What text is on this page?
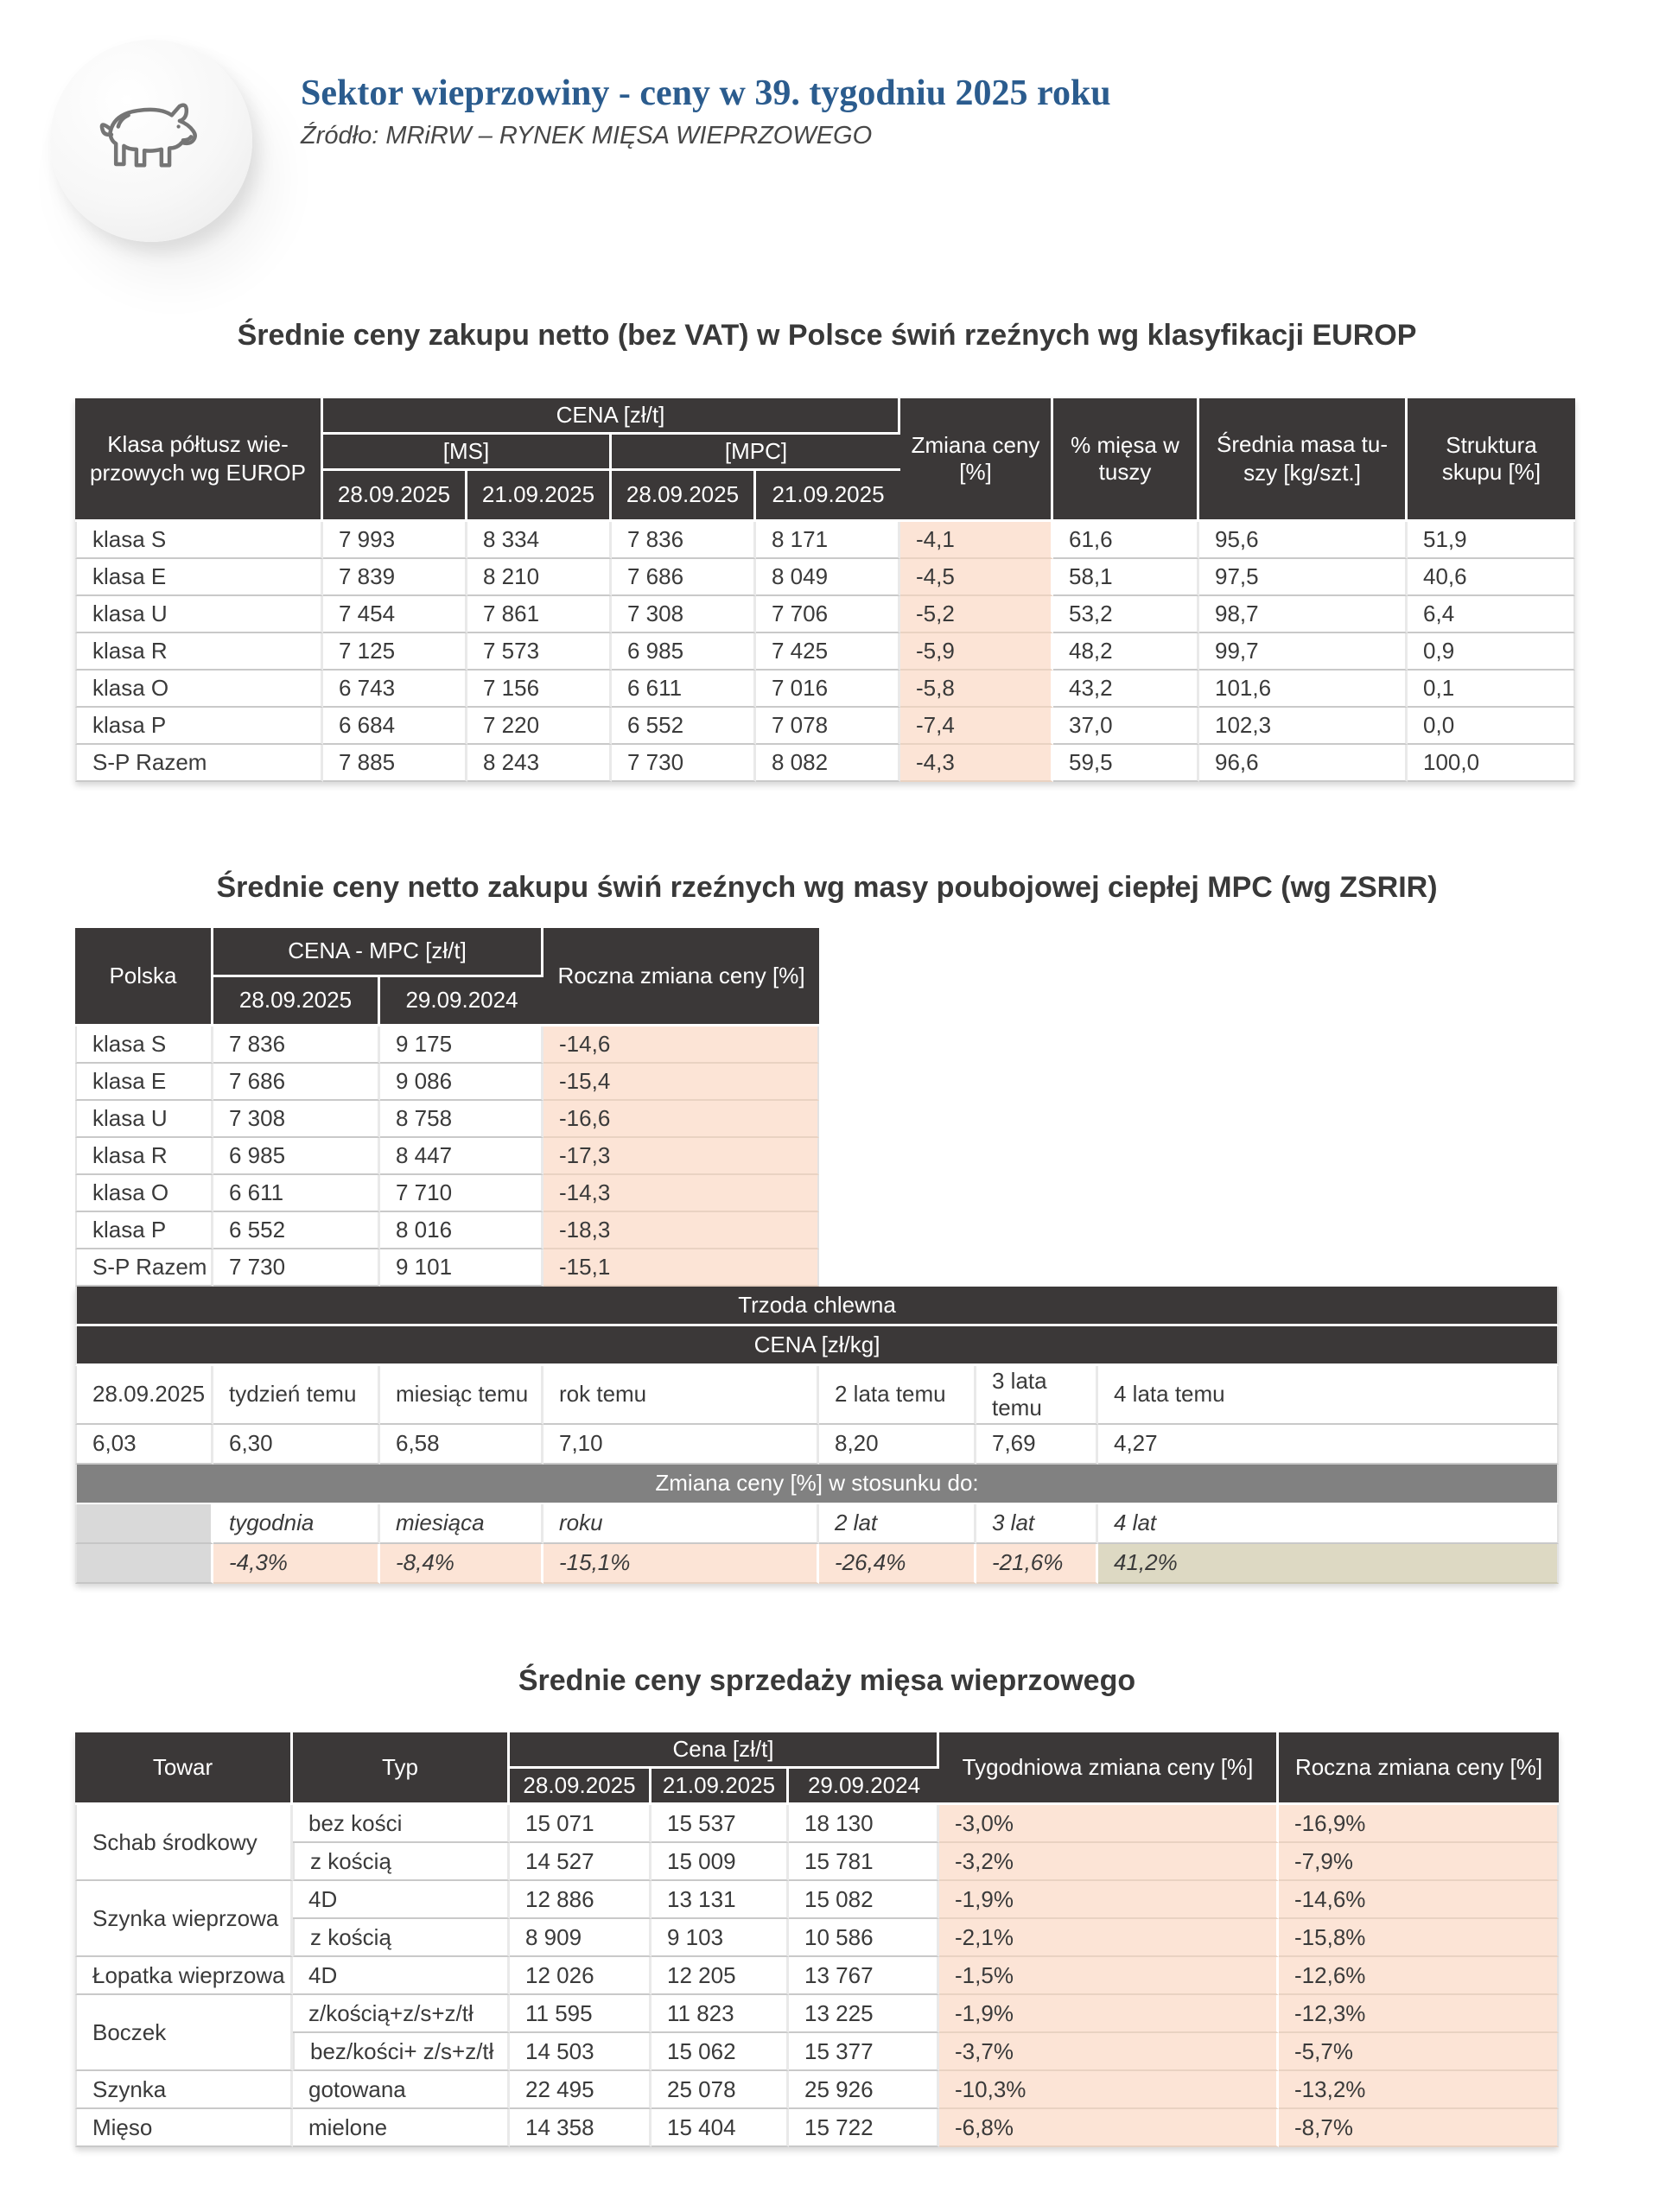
Sektor wieprzowiny - ceny w 39. tygodniu 2025 roku
Źródło: MRiRW – RYNEK MIĘSA WIEPRZOWEGO
Średnie ceny zakupu netto (bez VAT) w Polsce świń rzeźnych wg klasyfikacji EUROP
Klasa półtusz wie-
przowych wg EUROP	CENA [zł/t]				Zmiana ceny [%]	% mięsa w tuszy	Średnia masa tu-
szy [kg/szt.]	Struktura skupu [%]
	[MS]		[MPC]					
	28.09.2025	21.09.2025	28.09.2025	21.09.2025				
klasa S	7 993	8 334	7 836	8 171	-4,1	61,6	95,6	51,9
klasa E	7 839	8 210	7 686	8 049	-4,5	58,1	97,5	40,6
klasa U	7 454	7 861	7 308	7 706	-5,2	53,2	98,7	6,4
klasa R	7 125	7 573	6 985	7 425	-5,9	48,2	99,7	0,9
klasa O	6 743	7 156	6 611	7 016	-5,8	43,2	101,6	0,1
klasa P	6 684	7 220	6 552	7 078	-7,4	37,0	102,3	0,0
S-P Razem	7 885	8 243	7 730	8 082	-4,3	59,5	96,6	100,0
Średnie ceny netto zakupu świń rzeźnych wg masy poubojowej ciepłej MPC (wg ZSRIR)
Polska	CENA - MPC [zł/t]		Roczna zmiana ceny [%]
	28.09.2025	29.09.2024	
klasa S	7 836	9 175	-14,6
klasa E	7 686	9 086	-15,4
klasa U	7 308	8 758	-16,6
klasa R	6 985	8 447	-17,3
klasa O	6 611	7 710	-14,3
klasa P	6 552	8 016	-18,3
S-P Razem	7 730	9 101	-15,1
Trzoda chlewna						
CENA [zł/kg]						
28.09.2025	tydzień temu	miesiąc temu	rok temu	2 lata temu	3 lata temu	4 lata temu
6,03	6,30	6,58	7,10	8,20	7,69	4,27
Zmiana ceny [%] w stosunku do:						
	tygodnia	miesiąca	roku	2 lat	3 lat	4 lat
	-4,3%	-8,4%	-15,1%	-26,4%	-21,6%	41,2%
Średnie ceny sprzedaży mięsa wieprzowego
Towar	Typ	Cena [zł/t]			Tygodniowa zmiana ceny [%]	Roczna zmiana ceny [%]
		28.09.2025	21.09.2025	29.09.2024		
Schab środkowy	bez kości	15 071	15 537	18 130	-3,0%	-16,9%
	z kością	14 527	15 009	15 781	-3,2%	-7,9%
Szynka wieprzowa	4D	12 886	13 131	15 082	-1,9%	-14,6%
	z kością	8 909	9 103	10 586	-2,1%	-15,8%
Łopatka wieprzowa	4D	12 026	12 205	13 767	-1,5%	-12,6%
Boczek	z/kością+z/s+z/tł	11 595	11 823	13 225	-1,9%	-12,3%
	bez/kości+ z/s+z/tł	14 503	15 062	15 377	-3,7%	-5,7%
Szynka	gotowana	22 495	25 078	25 926	-10,3%	-13,2%
Mięso	mielone	14 358	15 404	15 722	-6,8%	-8,7%
